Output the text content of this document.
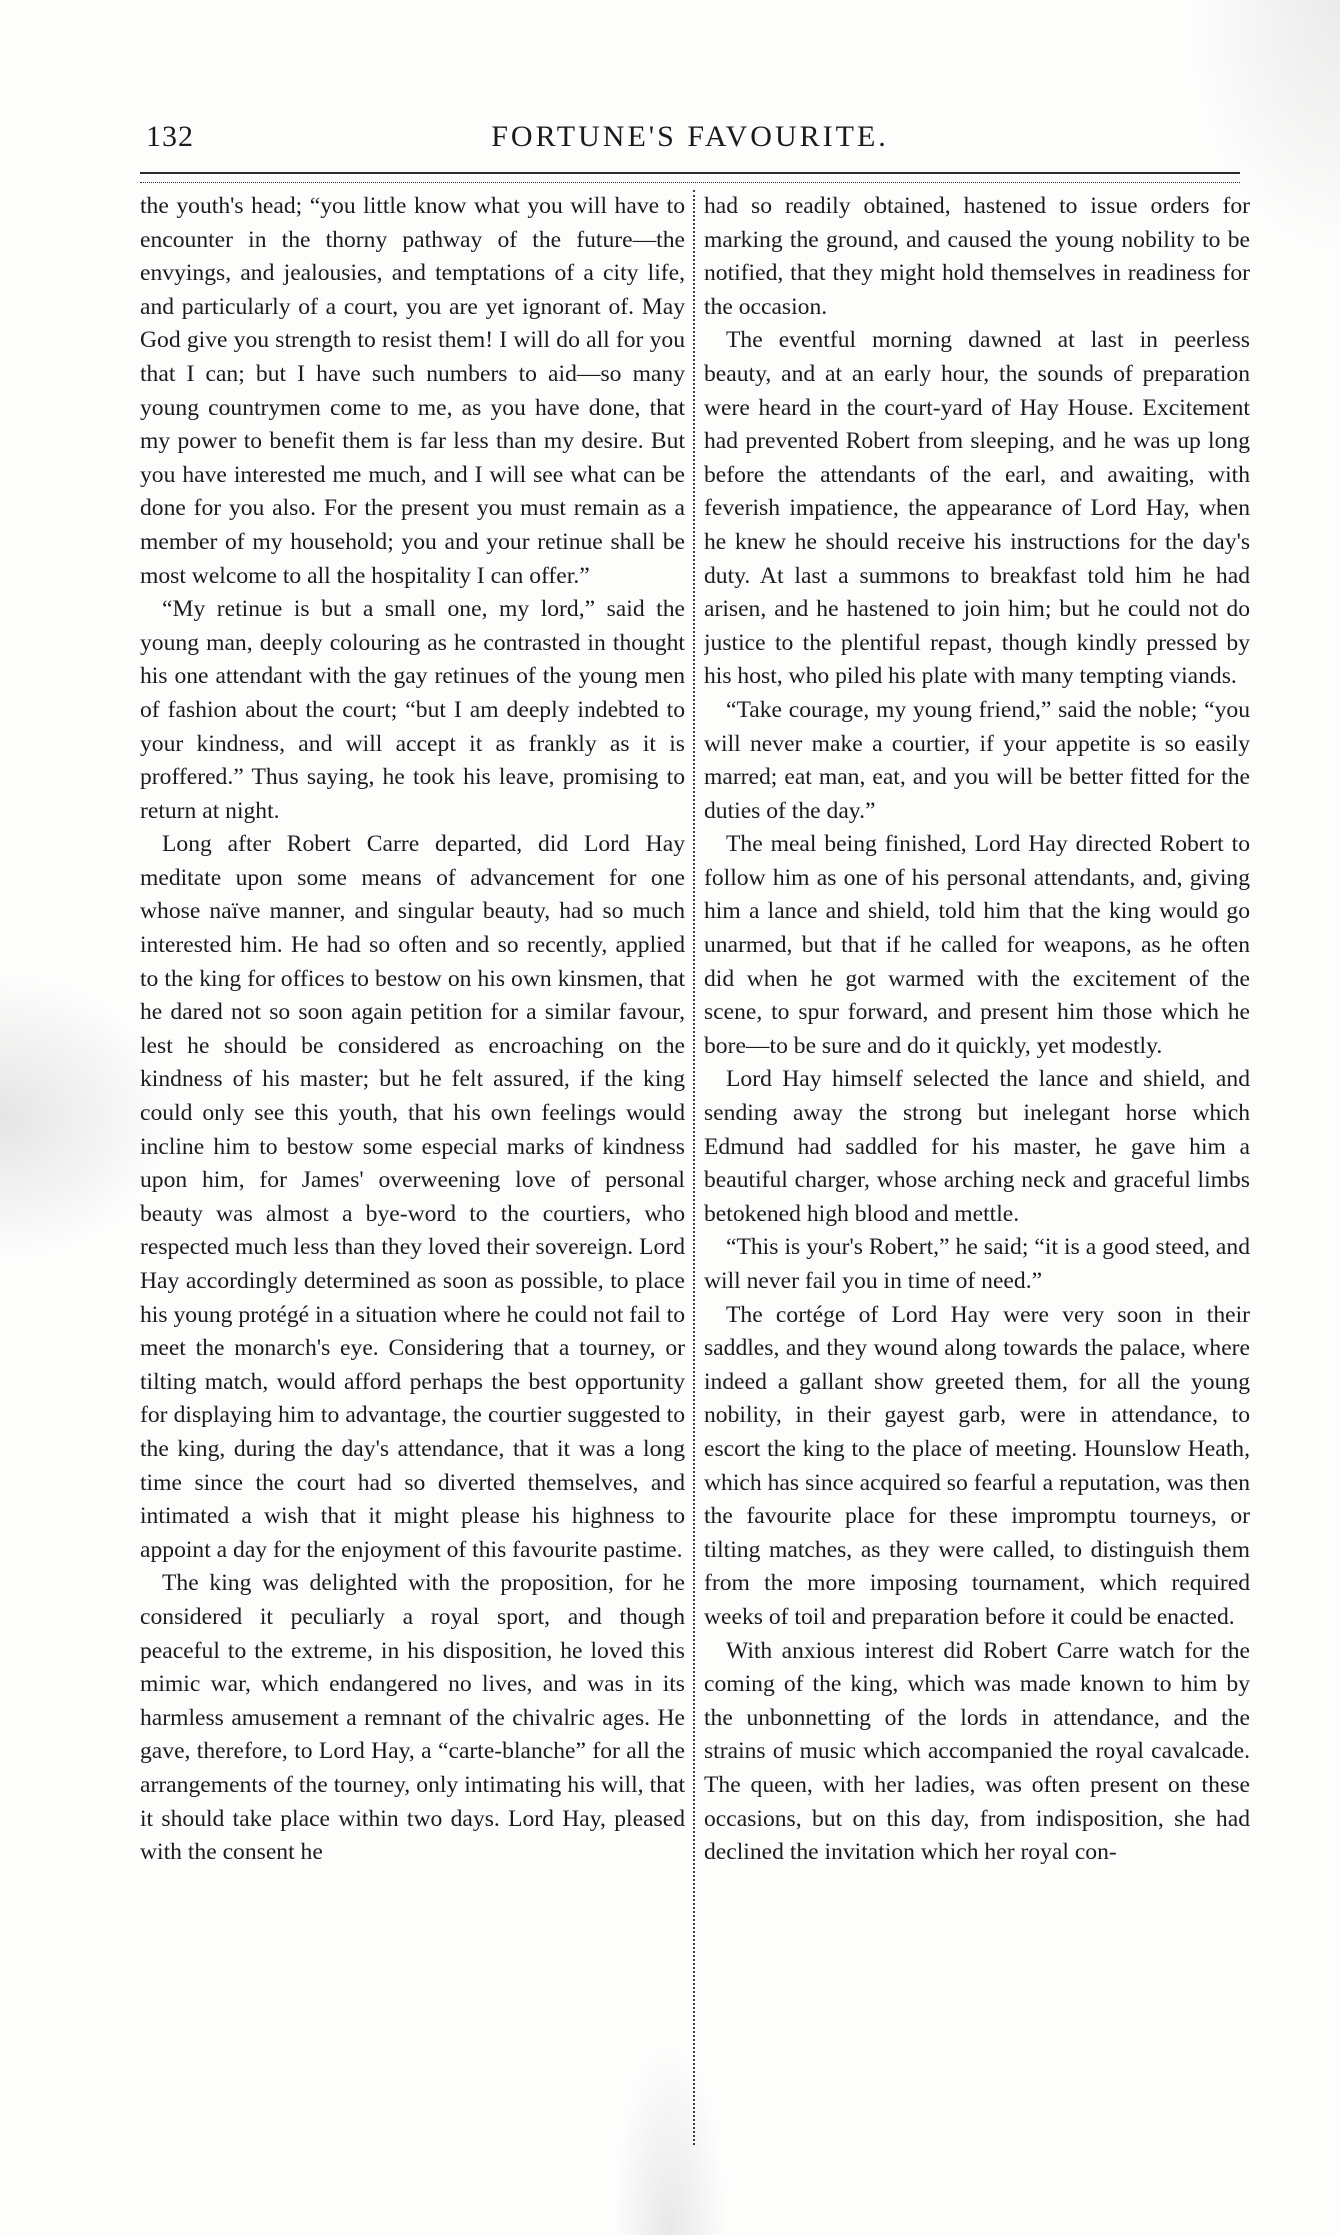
132	FORTUNE'S FAVOURITE.

the youth's head; “you little know what you will have to encounter in the thorny pathway of the future—the envyings, and jealousies, and temptations of a city life, and particularly of a court, you are yet ignorant of. May God give you strength to resist them! I will do all for you that I can; but I have such numbers to aid—so many young countrymen come to me, as you have done, that my power to benefit them is far less than my desire. But you have interested me much, and I will see what can be done for you also. For the present you must remain as a member of my household; you and your retinue shall be most welcome to all the hospitality I can offer.”

“My retinue is but a small one, my lord,” said the young man, deeply colouring as he contrasted in thought his one attendant with the gay retinues of the young men of fashion about the court; “but I am deeply indebted to your kindness, and will accept it as frankly as it is proffered.” Thus saying, he took his leave, promising to return at night.

Long after Robert Carre departed, did Lord Hay meditate upon some means of advancement for one whose naïve manner, and singular beauty, had so much interested him. He had so often and so recently, applied to the king for offices to bestow on his own kinsmen, that he dared not so soon again petition for a similar favour, lest he should be considered as encroaching on the kindness of his master; but he felt assured, if the king could only see this youth, that his own feelings would incline him to bestow some especial marks of kindness upon him, for James' overweening love of personal beauty was almost a bye-word to the courtiers, who respected much less than they loved their sovereign. Lord Hay accordingly determined as soon as possible, to place his young protégé in a situation where he could not fail to meet the monarch's eye. Considering that a tourney, or tilting match, would afford perhaps the best opportunity for displaying him to advantage, the courtier suggested to the king, during the day's attendance, that it was a long time since the court had so diverted themselves, and intimated a wish that it might please his highness to appoint a day for the enjoyment of this favourite pastime.

The king was delighted with the proposition, for he considered it peculiarly a royal sport, and though peaceful to the extreme, in his disposition, he loved this mimic war, which endangered no lives, and was in its harmless amusement a remnant of the chivalric ages. He gave, therefore, to Lord Hay, a “carte-blanche” for all the arrangements of the tourney, only intimating his will, that it should take place within two days. Lord Hay, pleased with the consent he

had so readily obtained, hastened to issue orders for marking the ground, and caused the young nobility to be notified, that they might hold themselves in readiness for the occasion.

The eventful morning dawned at last in peerless beauty, and at an early hour, the sounds of preparation were heard in the court-yard of Hay House. Excitement had prevented Robert from sleeping, and he was up long before the attendants of the earl, and awaiting, with feverish impatience, the appearance of Lord Hay, when he knew he should receive his instructions for the day's duty. At last a summons to breakfast told him he had arisen, and he hastened to join him; but he could not do justice to the plentiful repast, though kindly pressed by his host, who piled his plate with many tempting viands.

“Take courage, my young friend,” said the noble; “you will never make a courtier, if your appetite is so easily marred; eat man, eat, and you will be better fitted for the duties of the day.”

The meal being finished, Lord Hay directed Robert to follow him as one of his personal attendants, and, giving him a lance and shield, told him that the king would go unarmed, but that if he called for weapons, as he often did when he got warmed with the excitement of the scene, to spur forward, and present him those which he bore—to be sure and do it quickly, yet modestly.

Lord Hay himself selected the lance and shield, and sending away the strong but inelegant horse which Edmund had saddled for his master, he gave him a beautiful charger, whose arching neck and graceful limbs betokened high blood and mettle.

“This is your's Robert,” he said; “it is a good steed, and will never fail you in time of need.”

The cortége of Lord Hay were very soon in their saddles, and they wound along towards the palace, where indeed a gallant show greeted them, for all the young nobility, in their gayest garb, were in attendance, to escort the king to the place of meeting. Hounslow Heath, which has since acquired so fearful a reputation, was then the favourite place for these impromptu tourneys, or tilting matches, as they were called, to distinguish them from the more imposing tournament, which required weeks of toil and preparation before it could be enacted.

With anxious interest did Robert Carre watch for the coming of the king, which was made known to him by the unbonnetting of the lords in attendance, and the strains of music which accompanied the royal cavalcade. The queen, with her ladies, was often present on these occasions, but on this day, from indisposition, she had declined the invitation which her royal con-
